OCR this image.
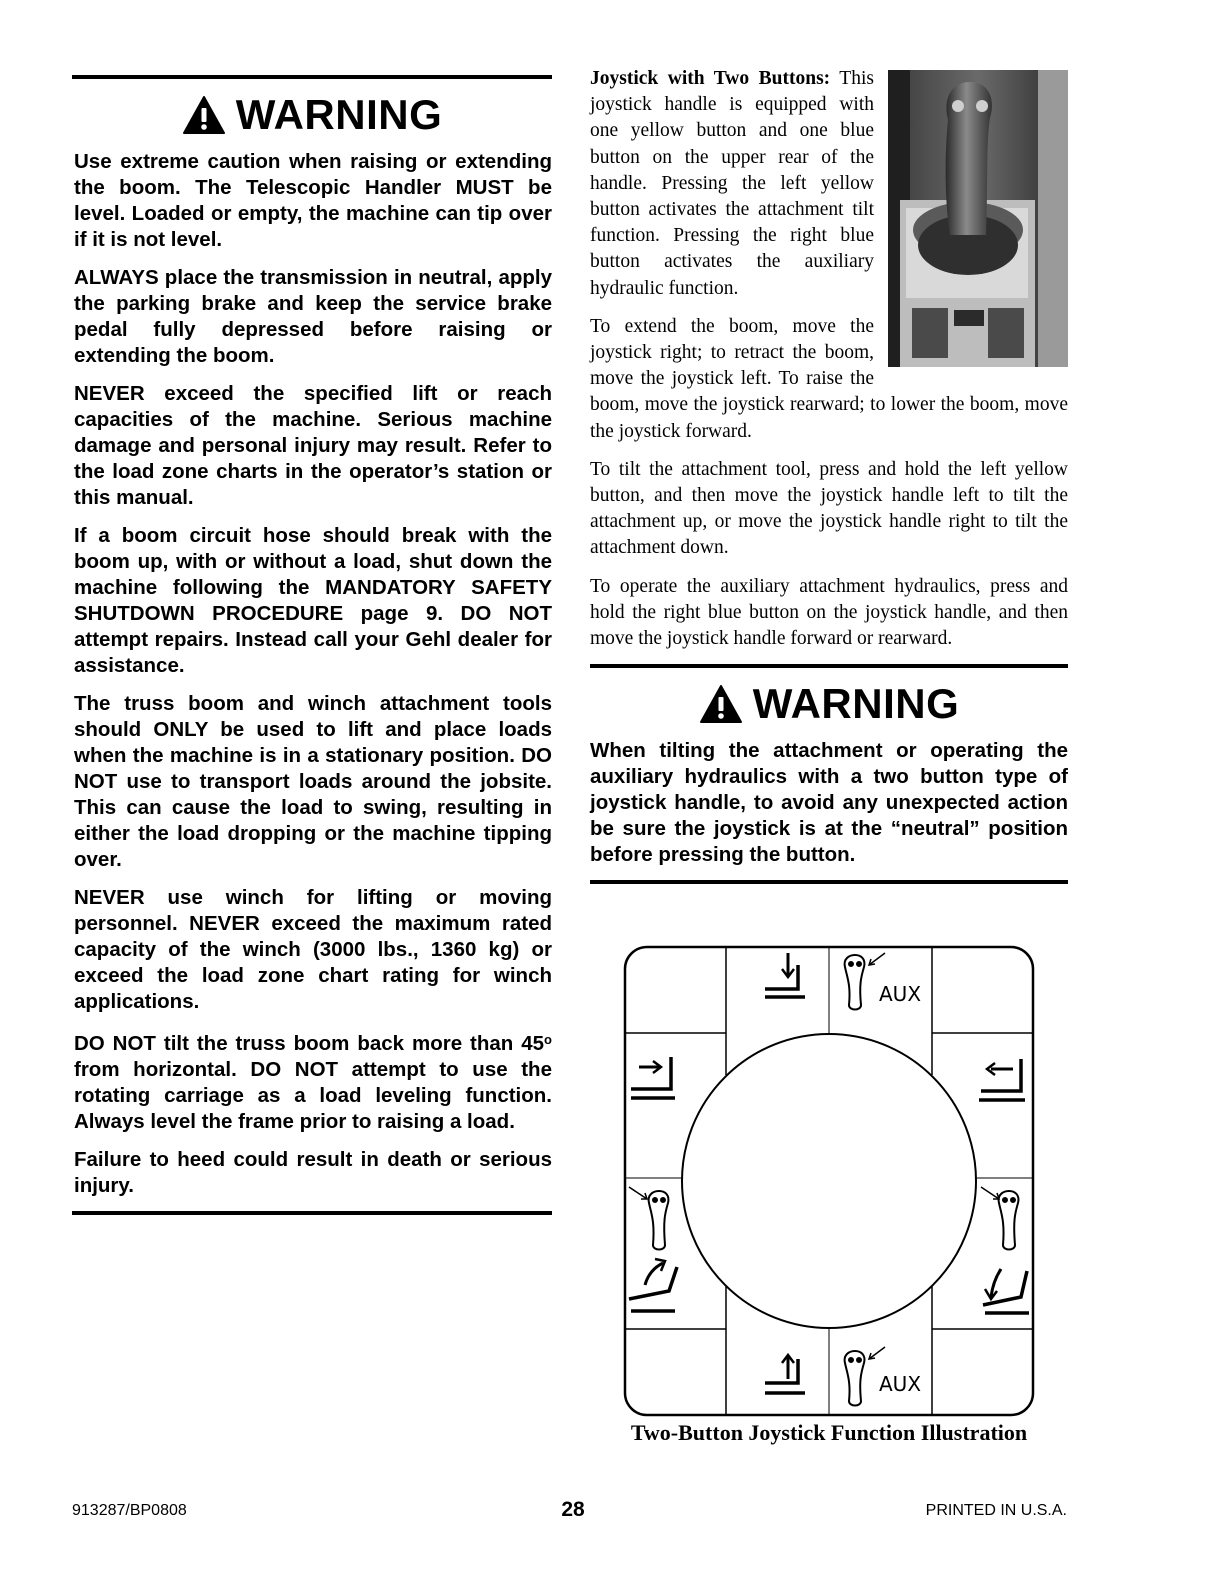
WARNING

Use extreme caution when raising or extending the boom. The Telescopic Handler MUST be level. Loaded or empty, the machine can tip over if it is not level.

ALWAYS place the transmission in neutral, apply the parking brake and keep the service brake pedal fully depressed before raising or extending the boom.

NEVER exceed the specified lift or reach capacities of the machine. Serious machine damage and personal injury may result. Refer to the load zone charts in the operator’s station or this manual.

If a boom circuit hose should break with the boom up, with or without a load, shut down the machine following the MANDATORY SAFETY SHUTDOWN PROCEDURE page 9. DO NOT attempt repairs. Instead call your Gehl dealer for assistance.

The truss boom and winch attachment tools should ONLY be used to lift and place loads when the machine is in a stationary position. DO NOT use to transport loads around the jobsite. This can cause the load to swing, resulting in either the load dropping or the machine tipping over.

NEVER use winch for lifting or moving personnel. NEVER exceed the maximum rated capacity of the winch (3000 lbs., 1360 kg) or exceed the load zone chart rating for winch applications.

DO NOT tilt the truss boom back more than 45$^o$ from horizontal. DO NOT attempt to use the rotating carriage as a load leveling function. Always level the frame prior to raising a load.

Failure to heed could result in death or serious injury.

Joystick with Two Buttons: This joystick handle is equipped with one yellow button and one blue button on the upper rear of the handle. Pressing the left yellow button activates the attachment tilt function. Pressing the right blue button activates the auxiliary hydraulic function.

To extend the boom, move the joystick right; to retract the boom, move the joystick left. To raise the boom, move the joystick rearward; to lower the boom, move the joystick forward.

To tilt the attachment tool, press and hold the left yellow button, and then move the joystick handle left to tilt the attachment up, or move the joystick handle right to tilt the attachment down.

To operate the auxiliary attachment hydraulics, press and hold the right blue button on the joystick handle, and then move the joystick handle forward or rearward.

WARNING

When tilting the attachment or operating the auxiliary hydraulics with a two button type of joystick handle, to avoid any unexpected action be sure the joystick is at the “neutral” position before pressing the button.

AUX
AUX
Two-Button Joystick Function Illustration
913287/BP0808	28	PRINTED IN U.S.A.
